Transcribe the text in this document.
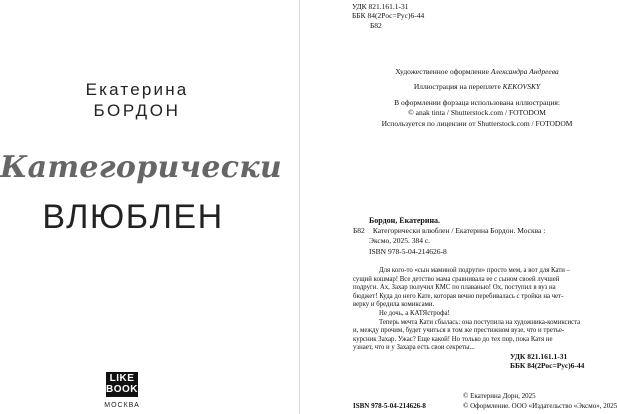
Екатерина
БОРДОН
Категорически
ВЛЮБЛЕН
LIKE
BOOK
МОСКВА
УДК 821.161.1-31
ББК 84(2Рос=Рус)6-44
Б82

Художественное оформление Александра Андреева

Иллюстрация на переплете KEKOVSKY

В оформлении форзаца использована иллюстрация:

© anak tinta / Shutterstock.com / FOTODOM

Используется по лицензии от Shutterstock.com / FOTODOM

Бордон, Екатерина.

Б82 Категорически влюблен / Екатерина Бордон. Москва :

Эксмо, 2025. 384 с.

ISBN 978-5-04-214626-8

Для кого-то «сын маминой подруги» просто мем, а вот для Кати –

сущий кошмар! Все детство мама сравнивала ее с сыном своей лучшей

подруги. Ах, Захар получил КМС по плаванью! Ох, поступил в вуз на

бюджет! Куда до него Кате, которая вечно перебивалась с тройки на чет-

верку и бредила комиксами.

Не дочь, а КАТЯстрофа!

Теперь мечта Кати сбылась: она поступила на художника-комиксиста

и, между прочим, будет учиться в том же престижном вузе, что и третье-

курсник Захар. Ужас? Еще какой! Но только до тех пор, пока Катя не

узнает, что и у Захара есть свои секреты...

УДК 821.161.1-31
ББК 84(2Рос=Рус)6-44
© Екатерина Дорн, 2025
ISBN 978-5-04-214626-8	© Оформление. ООО «Издательство «Эксмо», 2025
